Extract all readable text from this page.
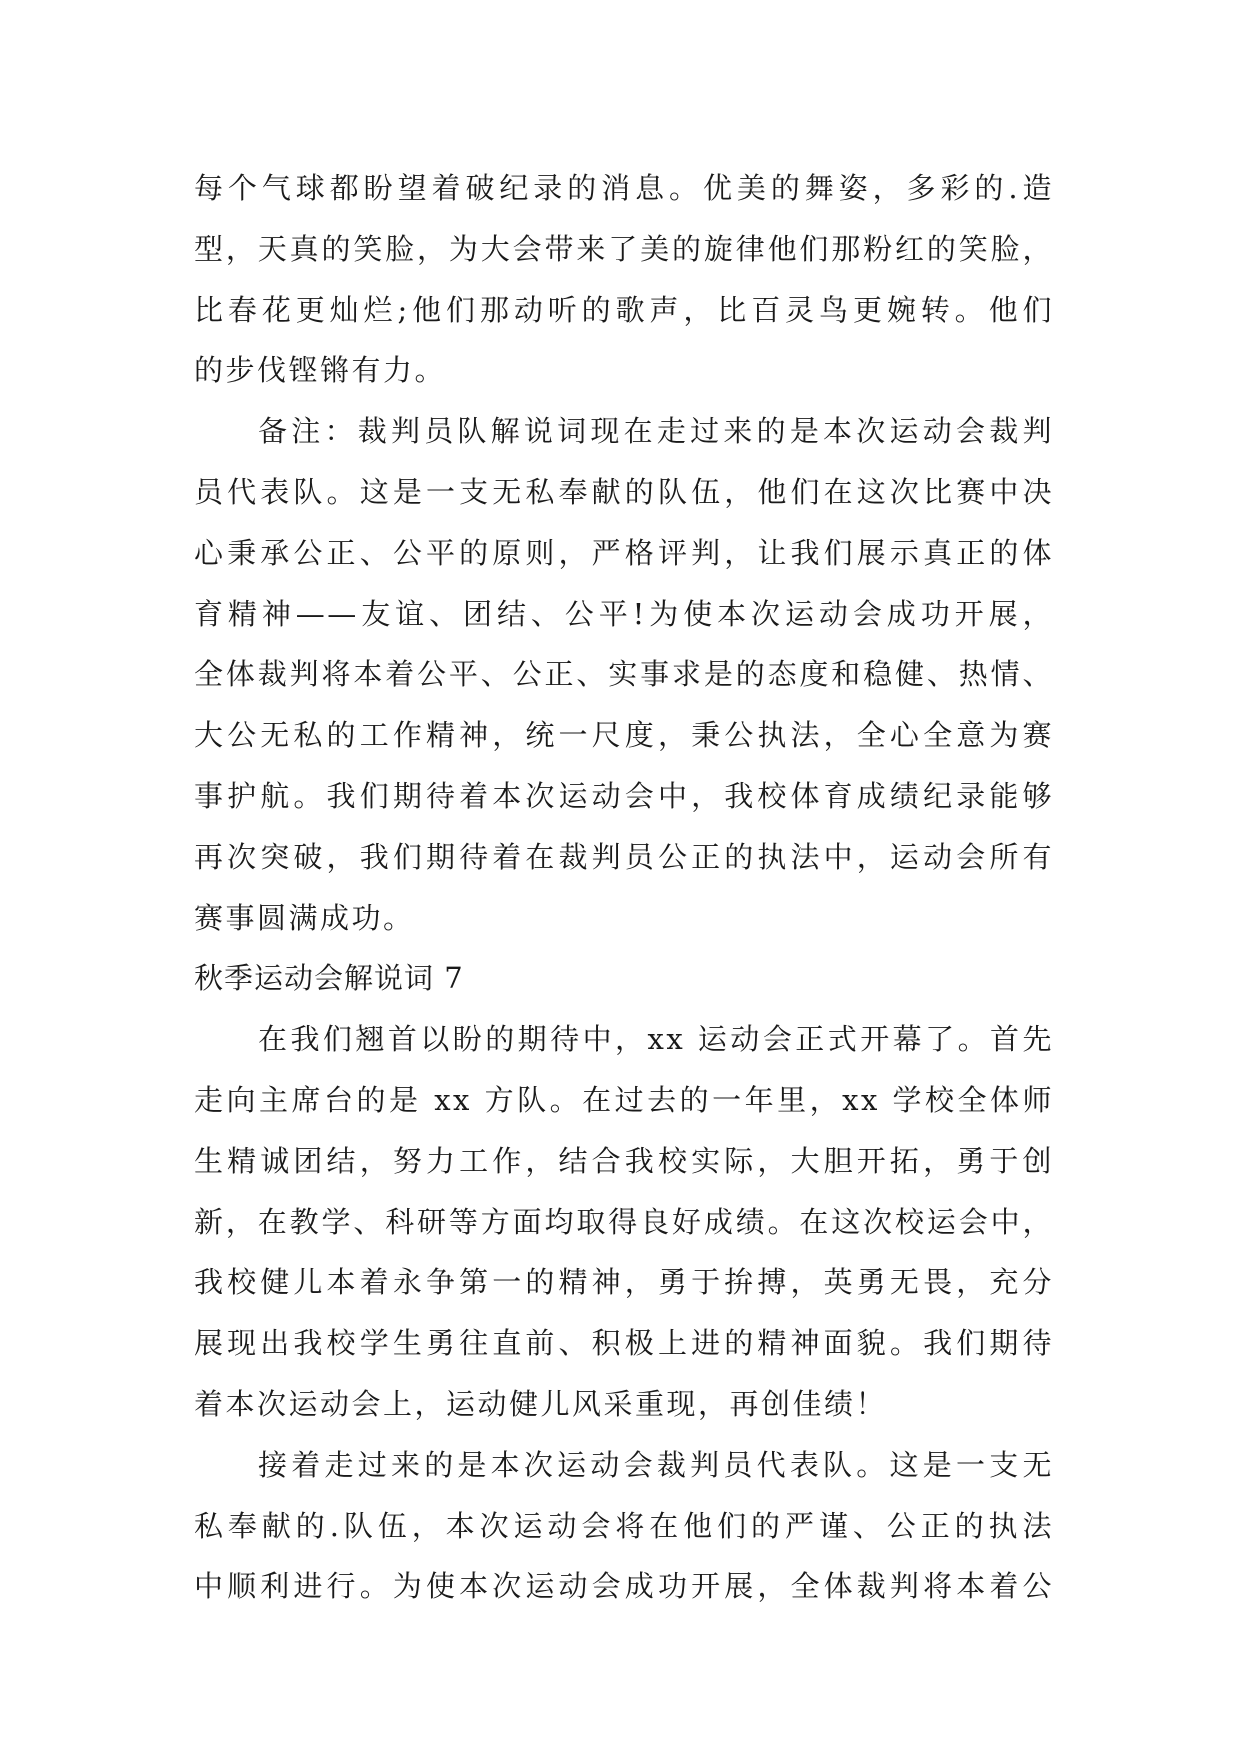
每个气球都盼望着破纪录的消息。优美的舞姿，多彩的.造
型，天真的笑脸，为大会带来了美的旋律他们那粉红的笑脸，
比春花更灿烂;他们那动听的歌声，比百灵鸟更婉转。他们
的步伐铿锵有力。
备注：裁判员队解说词现在走过来的是本次运动会裁判
员代表队。这是一支无私奉献的队伍，他们在这次比赛中决
心秉承公正、公平的原则，严格评判，让我们展示真正的体
育精神——友谊、团结、公平!为使本次运动会成功开展，
全体裁判将本着公平、公正、实事求是的态度和稳健、热情、
大公无私的工作精神，统一尺度，秉公执法，全心全意为赛
事护航。我们期待着本次运动会中，我校体育成绩纪录能够
再次突破，我们期待着在裁判员公正的执法中，运动会所有
赛事圆满成功。
秋季运动会解说词 7
在我们翘首以盼的期待中，xx 运动会正式开幕了。首先
走向主席台的是 xx 方队。在过去的一年里，xx 学校全体师
生精诚团结，努力工作，结合我校实际，大胆开拓，勇于创
新，在教学、科研等方面均取得良好成绩。在这次校运会中，
我校健儿本着永争第一的精神，勇于拚搏，英勇无畏，充分
展现出我校学生勇往直前、积极上进的精神面貌。我们期待
着本次运动会上，运动健儿风采重现，再创佳绩！
接着走过来的是本次运动会裁判员代表队。这是一支无
私奉献的.队伍，本次运动会将在他们的严谨、公正的执法
中顺利进行。为使本次运动会成功开展，全体裁判将本着公
